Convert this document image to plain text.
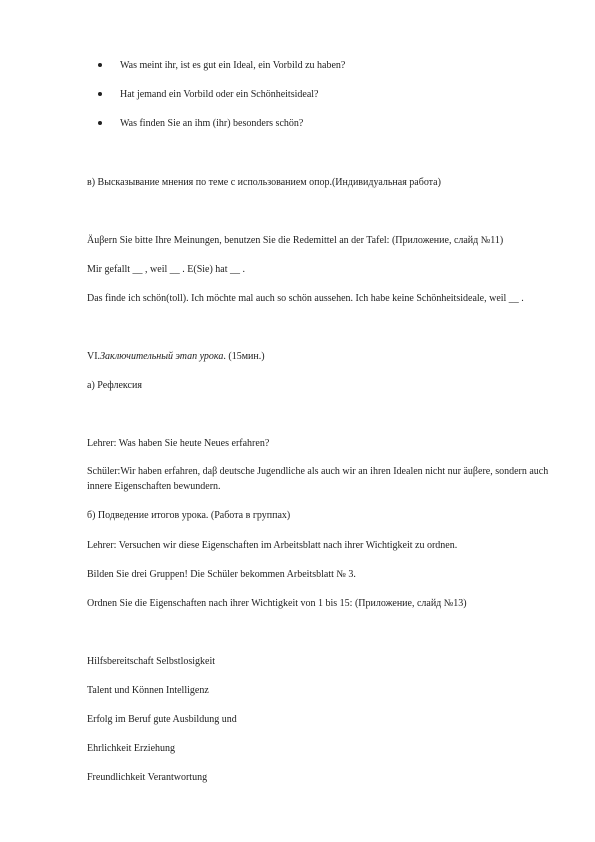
Was meint ihr, ist es gut ein Ideal, ein Vorbild zu haben?
Hat jemand ein Vorbild oder ein Schönheitsideal?
Was finden Sie an ihm (ihr) besonders schön?

в) Высказывание мнения по теме с использованием опор.(Индивидуальная работа)

Äuβern Sie bitte Ihre Meinungen, benutzen Sie die Redemittel an der Tafel: (Приложение, слайд №11)

Mir gefallt __ , weil __ . E(Sie) hat __ .

Das finde ich schön(toll). Ich möchte mal auch so schön aussehen. Ich habe keine Schönheitsideale, weil __ .

VI.Заключительный этап урока. (15мин.)

а) Рефлексия

Lehrer: Was haben Sie heute Neues erfahren?

Schüler:Wir haben erfahren, daβ deutsche Jugendliche als auch wir an ihren Idealen nicht nur äuβere, sondern auch innere Eigenschaften bewundern.

б) Подведение итогов урока. (Работа в группах)

Lehrer: Versuchen wir diese Eigenschaften im Arbeitsblatt nach ihrer Wichtigkeit zu ordnen.

Bilden Sie drei Gruppen! Die Schüler bekommen Arbeitsblatt № 3.

Ordnen Sie die Eigenschaften nach ihrer Wichtigkeit von 1 bis 15: (Приложение, слайд №13)

Hilfsbereitschaft Selbstlosigkeit

Talent und Können Intelligenz

Erfolg im Beruf gute Ausbildung und

Ehrlichkeit Erziehung

Freundlichkeit Verantwortung
